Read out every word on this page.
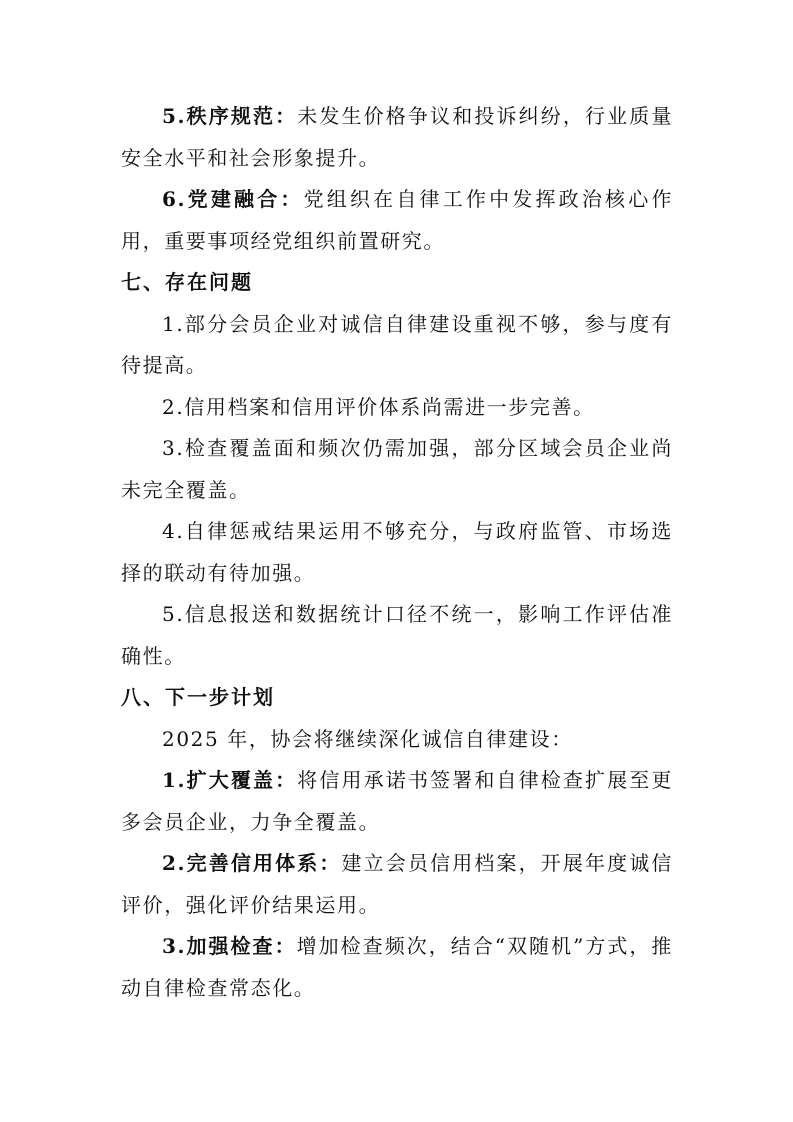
5.秩序规范：未发生价格争议和投诉纠纷，行业质量安全水平和社会形象提升。

6.党建融合：党组织在自律工作中发挥政治核心作用，重要事项经党组织前置研究。

七、存在问题

1.部分会员企业对诚信自律建设重视不够，参与度有待提高。

2.信用档案和信用评价体系尚需进一步完善。

3.检查覆盖面和频次仍需加强，部分区域会员企业尚未完全覆盖。

4.自律惩戒结果运用不够充分，与政府监管、市场选择的联动有待加强。

5.信息报送和数据统计口径不统一，影响工作评估准确性。

八、下一步计划

2025 年，协会将继续深化诚信自律建设：

1.扩大覆盖：将信用承诺书签署和自律检查扩展至更多会员企业，力争全覆盖。

2.完善信用体系：建立会员信用档案，开展年度诚信评价，强化评价结果运用。

3.加强检查：增加检查频次，结合“双随机”方式，推动自律检查常态化。
